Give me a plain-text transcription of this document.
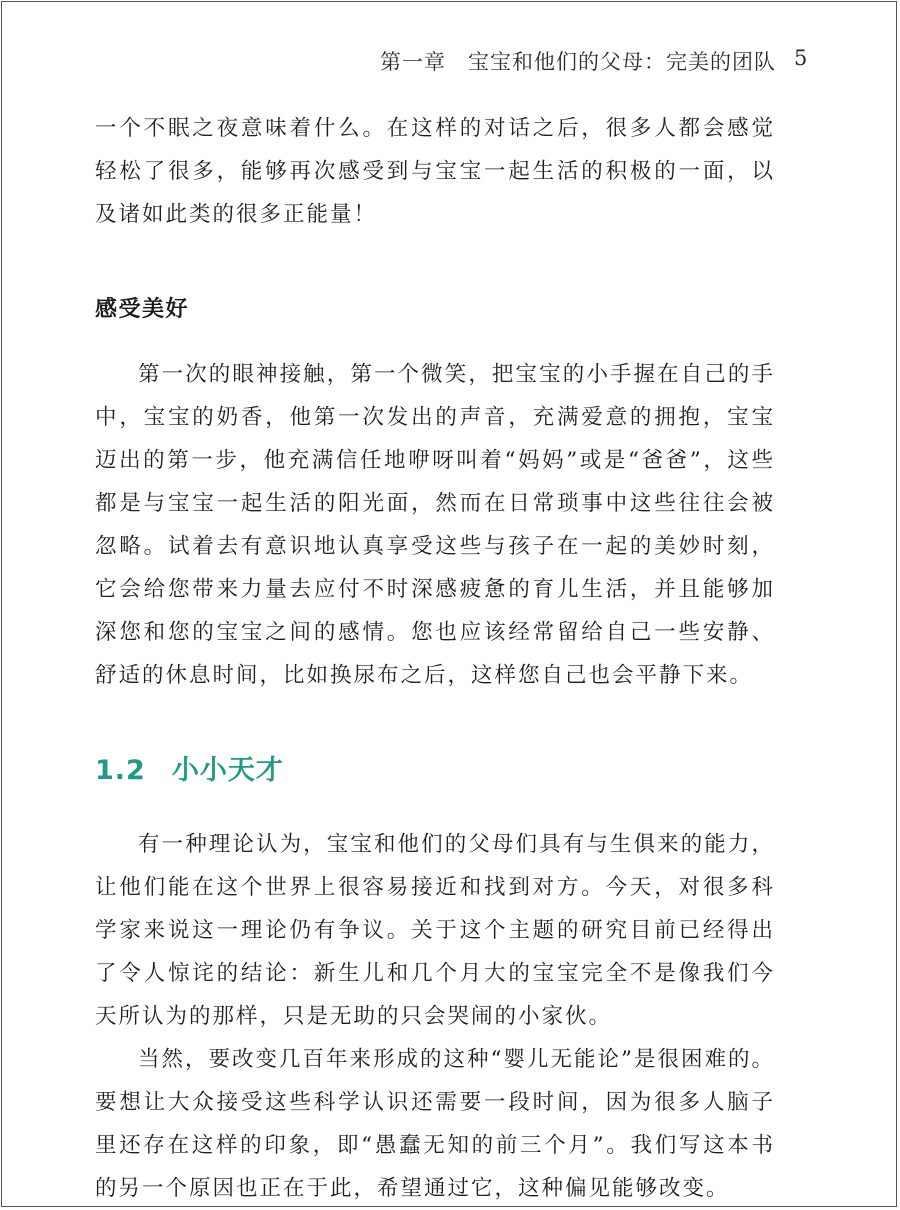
第一章　宝宝和他们的父母：完美的团队 5

一个不眠之夜意味着什么。在这样的对话之后，很多人都会感觉轻松了很多，能够再次感受到与宝宝一起生活的积极的一面，以及诸如此类的很多正能量！

感受美好

第一次的眼神接触，第一个微笑，把宝宝的小手握在自己的手中，宝宝的奶香，他第一次发出的声音，充满爱意的拥抱，宝宝迈出的第一步，他充满信任地咿呀叫着“妈妈”或是“爸爸”，这些都是与宝宝一起生活的阳光面，然而在日常琐事中这些往往会被忽略。试着去有意识地认真享受这些与孩子在一起的美妙时刻，它会给您带来力量去应付不时深感疲惫的育儿生活，并且能够加深您和您的宝宝之间的感情。您也应该经常留给自己一些安静、舒适的休息时间，比如换尿布之后，这样您自己也会平静下来。

1.2 小小天才

有一种理论认为，宝宝和他们的父母们具有与生俱来的能力，让他们能在这个世界上很容易接近和找到对方。今天，对很多科学家来说这一理论仍有争议。关于这个主题的研究目前已经得出了令人惊诧的结论：新生儿和几个月大的宝宝完全不是像我们今天所认为的那样，只是无助的只会哭闹的小家伙。

当然，要改变几百年来形成的这种“婴儿无能论”是很困难的。要想让大众接受这些科学认识还需要一段时间，因为很多人脑子里还存在这样的印象，即“愚蠢无知的前三个月”。我们写这本书的另一个原因也正在于此，希望通过它，这种偏见能够改变。
